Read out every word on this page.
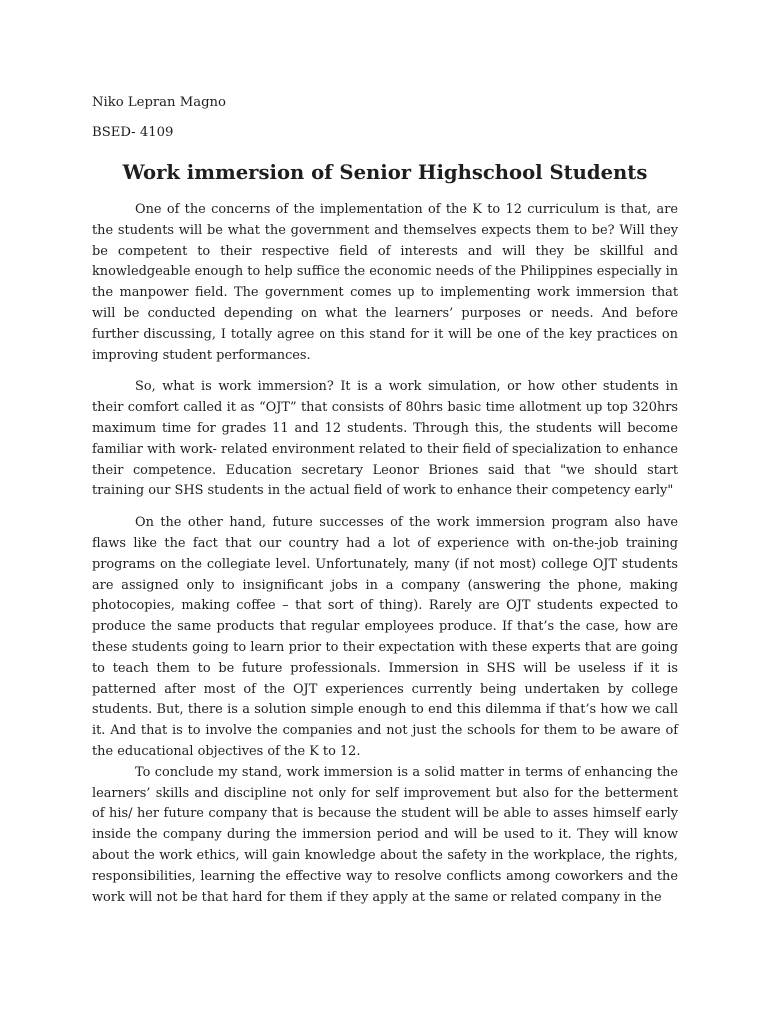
Niko Lepran Magno

BSED- 4109

Work immersion of Senior Highschool Students

One of the concerns of the implementation of the K to 12 curriculum is that, are the students will be what the government and themselves expects them to be? Will they be competent to their respective field of interests and will they be skillful and knowledgeable enough to help suffice the economic needs of the Philippines especially in the manpower field. The government comes up to implementing work immersion that will be conducted depending on what the learners’ purposes or needs. And before further discussing, I totally agree on this stand for it will be one of the key practices on improving student performances.

So, what is work immersion? It is a work simulation, or how other students in their comfort called it as “OJT” that consists of 80hrs basic time allotment up top 320hrs maximum time for grades 11 and 12 students. Through this, the students will become familiar with work- related environment related to their field of specialization to enhance their competence. Education secretary Leonor Briones said that "we should start training our SHS students in the actual field of work to enhance their competency early"

On the other hand, future successes of the work immersion program also have flaws like the fact that our country had a lot of experience with on-the-job training programs on the collegiate level. Unfortunately, many (if not most) college OJT students are assigned only to insignificant jobs in a company (answering the phone, making photocopies, making coffee – that sort of thing). Rarely are OJT students expected to produce the same products that regular employees produce. If that’s the case, how are these students going to learn prior to their expectation with these experts that are going to teach them to be future professionals. Immersion in SHS will be useless if it is patterned after most of the OJT experiences currently being undertaken by college students. But, there is a solution simple enough to end this dilemma if that’s how we call it. And that is to involve the companies and not just the schools for them to be aware of the educational objectives of the K to 12.

To conclude my stand, work immersion is a solid matter in terms of enhancing the learners’ skills and discipline not only for self improvement but also for the betterment of his/ her future company that is because the student will be able to asses himself early inside the company during the immersion period and will be used to it. They will know about the work ethics, will gain knowledge about the safety in the workplace, the rights, responsibilities, learning the effective way to resolve conflicts among coworkers and the work will not be that hard for them if they apply at the same or related company in the
